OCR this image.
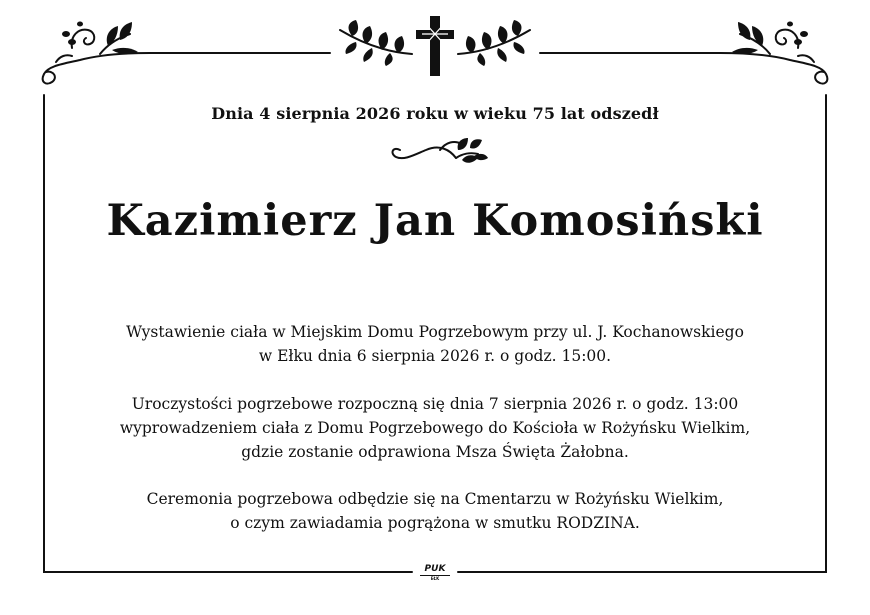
Dnia 4 sierpnia 2026 roku w wieku 75 lat odszedł
Kazimierz Jan Komosiński
Wystawienie ciała w Miejskim Domu Pogrzebowym przy ul. J. Kochanowskiego
w Ełku dnia 6 sierpnia 2026 r. o godz. 15:00.
Uroczystości pogrzebowe rozpoczną się dnia 7 sierpnia 2026 r. o godz. 13:00
wyprowadzeniem ciała z Domu Pogrzebowego do Kościoła w Rożyńsku Wielkim,
gdzie zostanie odprawiona Msza Święta Żałobna.
Ceremonia pogrzebowa odbędzie się na Cmentarzu w Rożyńsku Wielkim,
o czym zawiadamia pogrążona w smutku RODZINA.
PUK
EŁK
